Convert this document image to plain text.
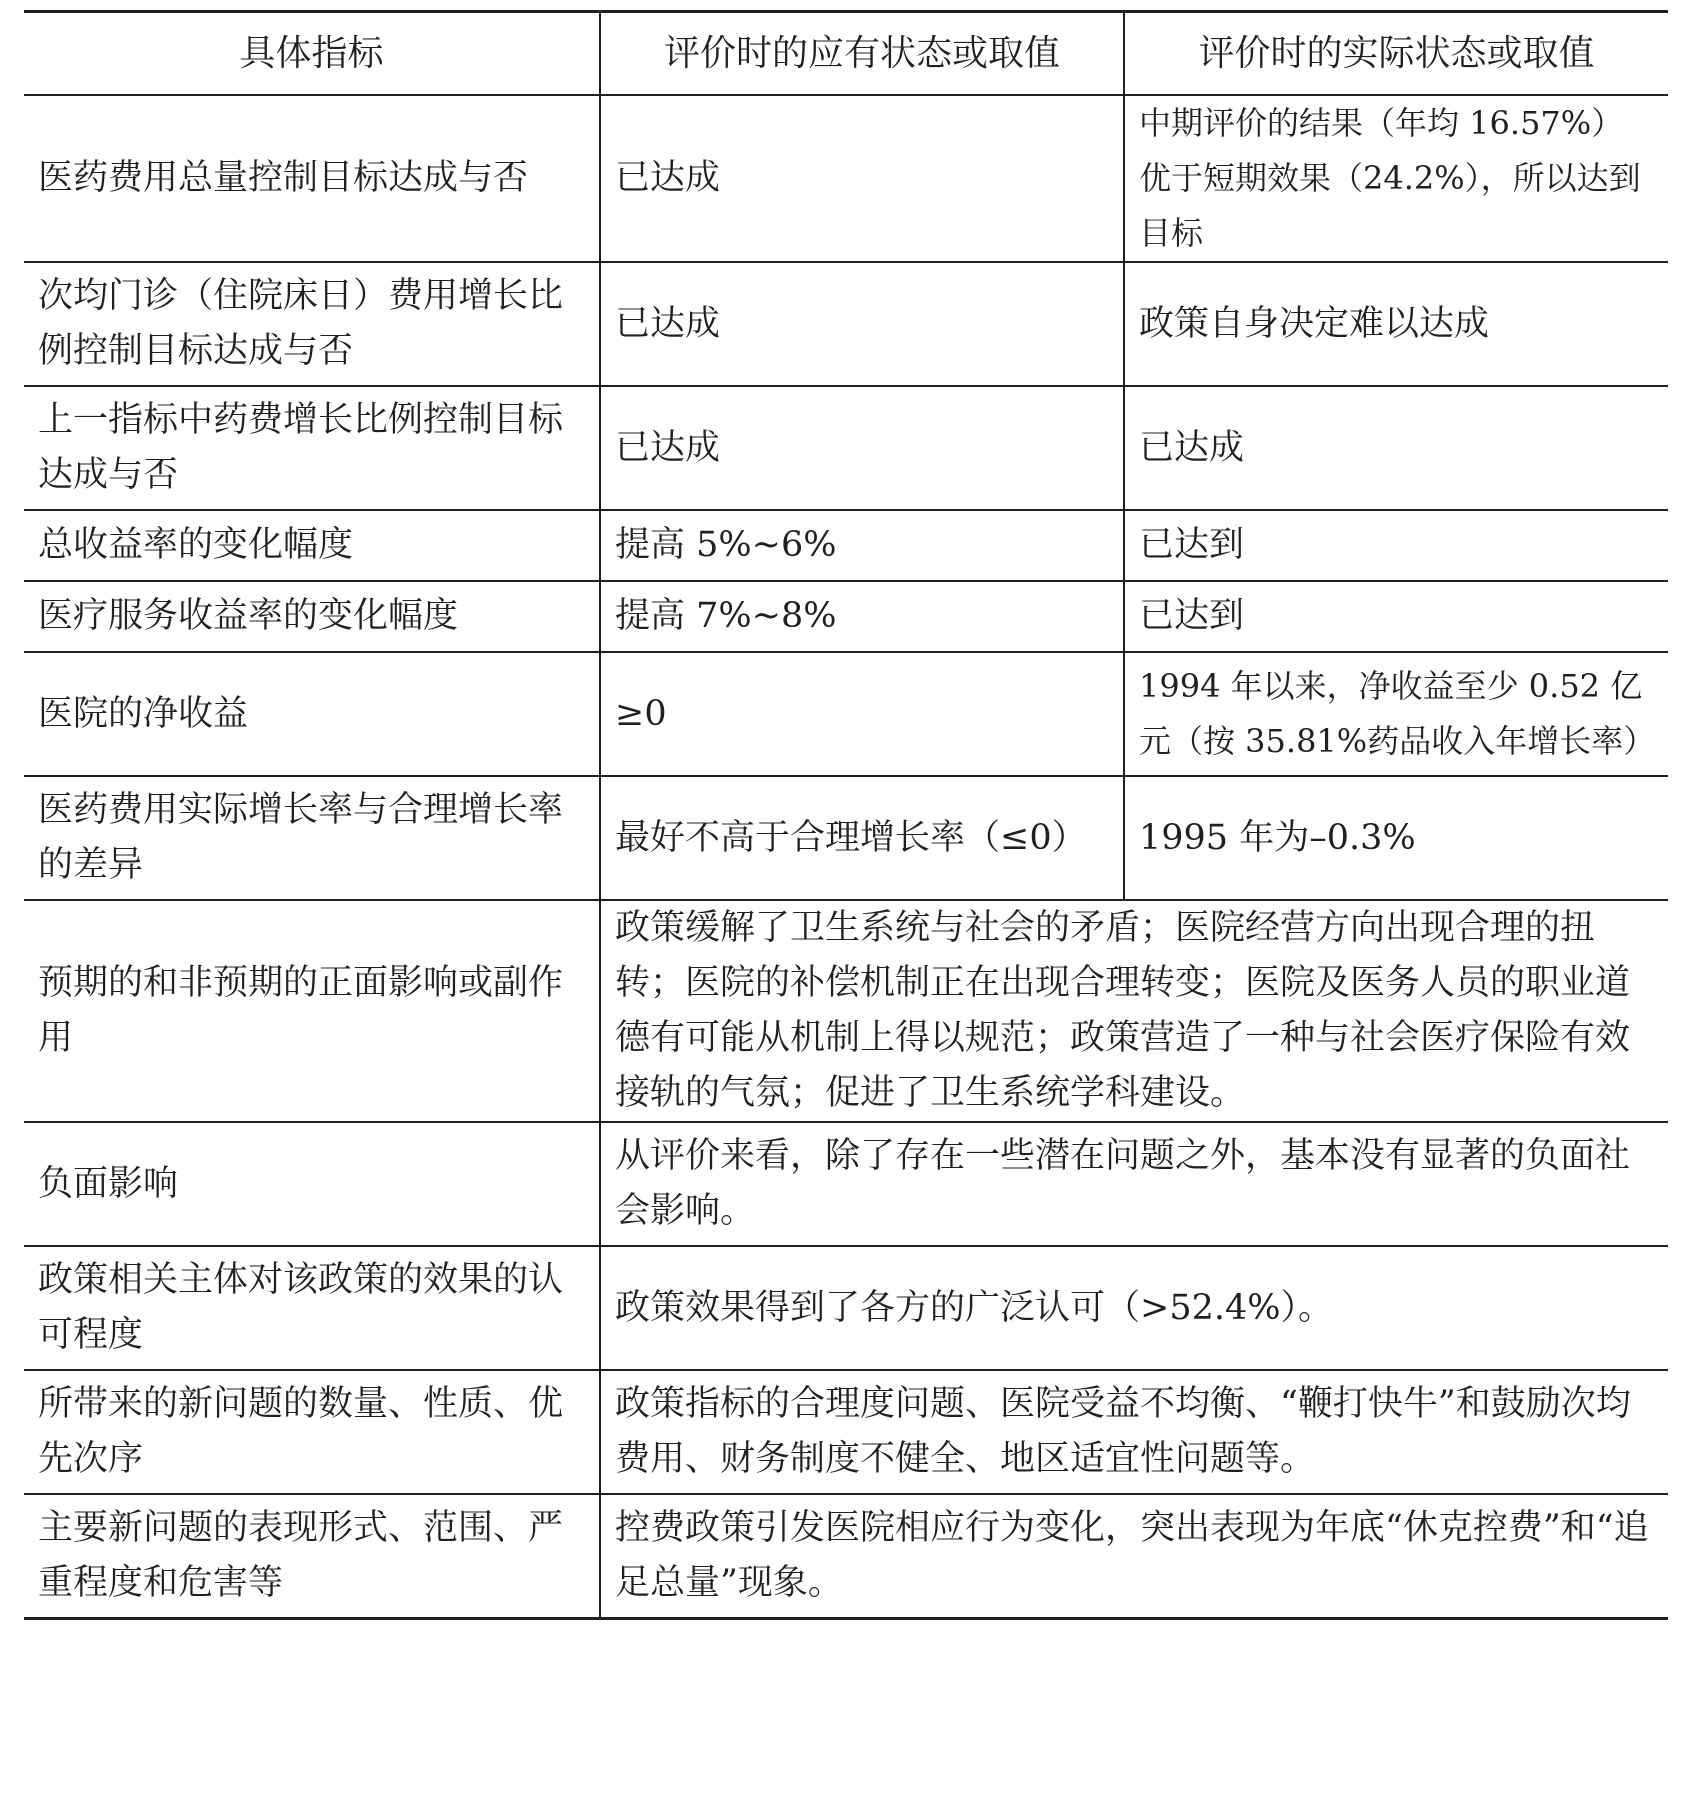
具体指标	评价时的应有状态或取值	评价时的实际状态或取值
医药费用总量控制目标达成与否	已达成	中期评价的结果（年均 16.57%）优于短期效果（24.2%），所以达到目标
次均门诊（住院床日）费用增长比例控制目标达成与否	已达成	政策自身决定难以达成
上一指标中药费增长比例控制目标达成与否	已达成	已达成
总收益率的变化幅度	提高 5%~6%	已达到
医疗服务收益率的变化幅度	提高 7%~8%	已达到
医院的净收益	≥0	1994 年以来，净收益至少 0.52 亿元（按 35.81%药品收入年增长率）
医药费用实际增长率与合理增长率的差异	最好不高于合理增长率（≤0）	1995 年为–0.3%
预期的和非预期的正面影响或副作用	政策缓解了卫生系统与社会的矛盾；医院经营方向出现合理的扭转；医院的补偿机制正在出现合理转变；医院及医务人员的职业道德有可能从机制上得以规范；政策营造了一种与社会医疗保险有效接轨的气氛；促进了卫生系统学科建设。	
负面影响	从评价来看，除了存在一些潜在问题之外，基本没有显著的负面社会影响。	
政策相关主体对该政策的效果的认可程度	政策效果得到了各方的广泛认可（>52.4%）。	
所带来的新问题的数量、性质、优先次序	政策指标的合理度问题、医院受益不均衡、“鞭打快牛”和鼓励次均费用、财务制度不健全、地区适宜性问题等。	
主要新问题的表现形式、范围、严重程度和危害等	控费政策引发医院相应行为变化，突出表现为年底“休克控费”和“追足总量”现象。	
